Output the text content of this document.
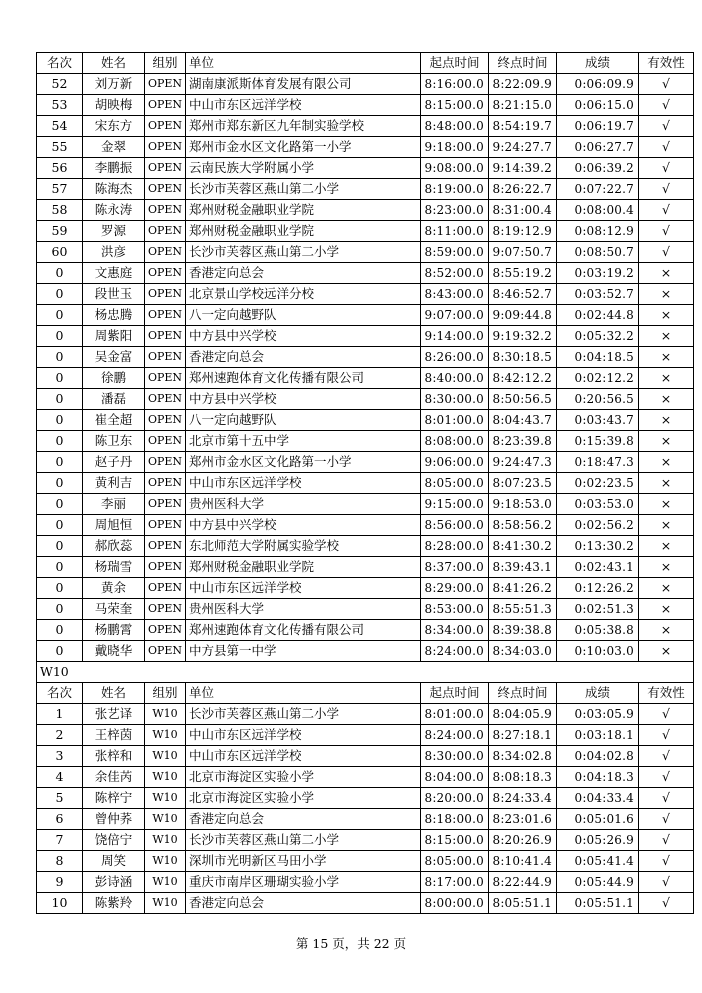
名次	姓名	组别	单位	起点时间	终点时间	成绩	有效性
52	刘万新	OPEN	湖南康派斯体育发展有限公司	8:16:00.0	8:22:09.9	0:06:09.9	√
53	胡映梅	OPEN	中山市东区远洋学校	8:15:00.0	8:21:15.0	0:06:15.0	√
54	宋东方	OPEN	郑州市郑东新区九年制实验学校	8:48:00.0	8:54:19.7	0:06:19.7	√
55	金翠	OPEN	郑州市金水区文化路第一小学	9:18:00.0	9:24:27.7	0:06:27.7	√
56	李鹏振	OPEN	云南民族大学附属小学	9:08:00.0	9:14:39.2	0:06:39.2	√
57	陈海杰	OPEN	长沙市芙蓉区燕山第二小学	8:19:00.0	8:26:22.7	0:07:22.7	√
58	陈永涛	OPEN	郑州财税金融职业学院	8:23:00.0	8:31:00.4	0:08:00.4	√
59	罗源	OPEN	郑州财税金融职业学院	8:11:00.0	8:19:12.9	0:08:12.9	√
60	洪彦	OPEN	长沙市芙蓉区燕山第二小学	8:59:00.0	9:07:50.7	0:08:50.7	√
0	文惠庭	OPEN	香港定向总会	8:52:00.0	8:55:19.2	0:03:19.2	×
0	段世玉	OPEN	北京景山学校远洋分校	8:43:00.0	8:46:52.7	0:03:52.7	×
0	杨忠腾	OPEN	八一定向越野队	9:07:00.0	9:09:44.8	0:02:44.8	×
0	周紫阳	OPEN	中方县中兴学校	9:14:00.0	9:19:32.2	0:05:32.2	×
0	吴金富	OPEN	香港定向总会	8:26:00.0	8:30:18.5	0:04:18.5	×
0	徐鹏	OPEN	郑州速跑体育文化传播有限公司	8:40:00.0	8:42:12.2	0:02:12.2	×
0	潘磊	OPEN	中方县中兴学校	8:30:00.0	8:50:56.5	0:20:56.5	×
0	崔全超	OPEN	八一定向越野队	8:01:00.0	8:04:43.7	0:03:43.7	×
0	陈卫东	OPEN	北京市第十五中学	8:08:00.0	8:23:39.8	0:15:39.8	×
0	赵子丹	OPEN	郑州市金水区文化路第一小学	9:06:00.0	9:24:47.3	0:18:47.3	×
0	黄利吉	OPEN	中山市东区远洋学校	8:05:00.0	8:07:23.5	0:02:23.5	×
0	李丽	OPEN	贵州医科大学	9:15:00.0	9:18:53.0	0:03:53.0	×
0	周旭恒	OPEN	中方县中兴学校	8:56:00.0	8:58:56.2	0:02:56.2	×
0	郝欣蕊	OPEN	东北师范大学附属实验学校	8:28:00.0	8:41:30.2	0:13:30.2	×
0	杨瑞雪	OPEN	郑州财税金融职业学院	8:37:00.0	8:39:43.1	0:02:43.1	×
0	黄余	OPEN	中山市东区远洋学校	8:29:00.0	8:41:26.2	0:12:26.2	×
0	马荣奎	OPEN	贵州医科大学	8:53:00.0	8:55:51.3	0:02:51.3	×
0	杨鹏霄	OPEN	郑州速跑体育文化传播有限公司	8:34:00.0	8:39:38.8	0:05:38.8	×
0	戴晓华	OPEN	中方县第一中学	8:24:00.0	8:34:03.0	0:10:03.0	×
W10							
名次	姓名	组别	单位	起点时间	终点时间	成绩	有效性
1	张艺译	W10	长沙市芙蓉区燕山第二小学	8:01:00.0	8:04:05.9	0:03:05.9	√
2	王梓茵	W10	中山市东区远洋学校	8:24:00.0	8:27:18.1	0:03:18.1	√
3	张梓和	W10	中山市东区远洋学校	8:30:00.0	8:34:02.8	0:04:02.8	√
4	余佳芮	W10	北京市海淀区实验小学	8:04:00.0	8:08:18.3	0:04:18.3	√
5	陈梓宁	W10	北京市海淀区实验小学	8:20:00.0	8:24:33.4	0:04:33.4	√
6	曾仲荞	W10	香港定向总会	8:18:00.0	8:23:01.6	0:05:01.6	√
7	饶倍宁	W10	长沙市芙蓉区燕山第二小学	8:15:00.0	8:20:26.9	0:05:26.9	√
8	周笑	W10	深圳市光明新区马田小学	8:05:00.0	8:10:41.4	0:05:41.4	√
9	彭诗涵	W10	重庆市南岸区珊瑚实验小学	8:17:00.0	8:22:44.9	0:05:44.9	√
10	陈紫羚	W10	香港定向总会	8:00:00.0	8:05:51.1	0:05:51.1	√
第 15 页，共 22 页
